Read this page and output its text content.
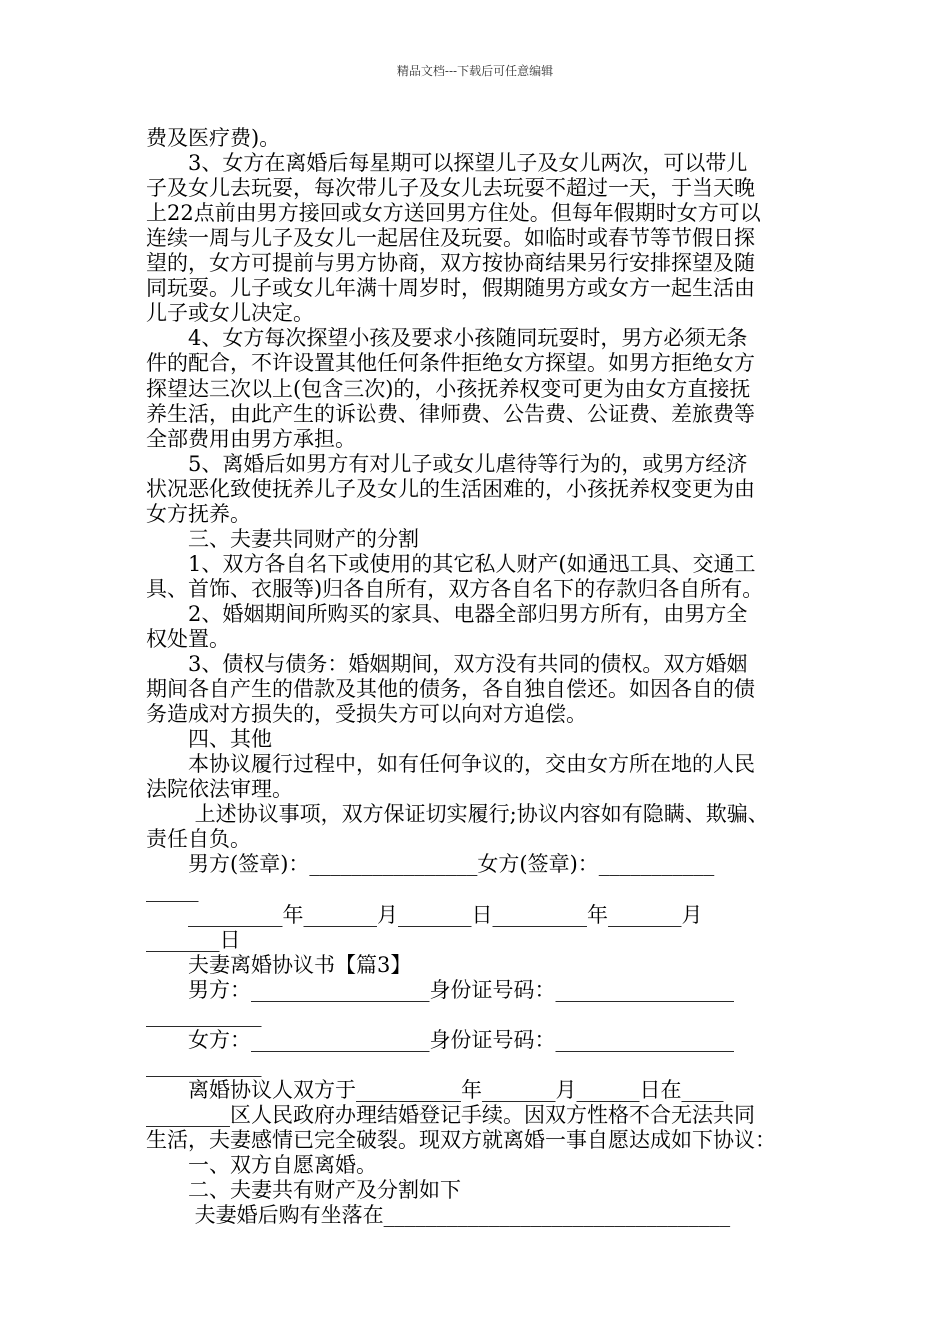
精品文档---下载后可任意编辑
费及医疗费)。
　　3、女方在离婚后每星期可以探望儿子及女儿两次，可以带儿
子及女儿去玩耍，每次带儿子及女儿去玩耍不超过一天，于当天晚
上22点前由男方接回或女方送回男方住处。但每年假期时女方可以
连续一周与儿子及女儿一起居住及玩耍。如临时或春节等节假日探
望的，女方可提前与男方协商，双方按协商结果另行安排探望及随
同玩耍。儿子或女儿年满十周岁时，假期随男方或女方一起生活由
儿子或女儿决定。
　　4、女方每次探望小孩及要求小孩随同玩耍时，男方必须无条
件的配合，不许设置其他任何条件拒绝女方探望。如男方拒绝女方
探望达三次以上(包含三次)的，小孩抚养权变可更为由女方直接抚
养生活，由此产生的诉讼费、律师费、公告费、公证费、差旅费等
全部费用由男方承担。
　　5、离婚后如男方有对儿子或女儿虐待等行为的，或男方经济
状况恶化致使抚养儿子及女儿的生活困难的，小孩抚养权变更为由
女方抚养。
　　三、夫妻共同财产的分割
　　1、双方各自名下或使用的其它私人财产(如通迅工具、交通工
具、首饰、衣服等)归各自所有，双方各自名下的存款归各自所有。
　　2、婚姻期间所购买的家具、电器全部归男方所有，由男方全
权处置。
　　3、债权与债务：婚姻期间，双方没有共同的债权。双方婚姻
期间各自产生的借款及其他的债务，各自独自偿还。如因各自的债
务造成对方损失的，受损失方可以向对方追偿。
　　四、其他
　　本协议履行过程中，如有任何争议的，交由女方所在地的人民
法院依法审理。
　　 上述协议事项，双方保证切实履行;协议内容如有隐瞒、欺骗、
责任自负。
　　男方(签章)：________________女方(签章)：___________
_____
　　_________年_______月_______日_________年_______月
_______日
　　夫妻离婚协议书【篇3】
　　男方：_________________身份证号码：_________________
___________
　　女方：_________________身份证号码：_________________
___________
　　离婚协议人双方于__________年_______月______日在____
________区人民政府办理结婚登记手续。因双方性格不合无法共同
生活，夫妻感情已完全破裂。现双方就离婚一事自愿达成如下协议：
　　一、双方自愿离婚。
　　二、夫妻共有财产及分割如下
　　 夫妻婚后购有坐落在_________________________________
